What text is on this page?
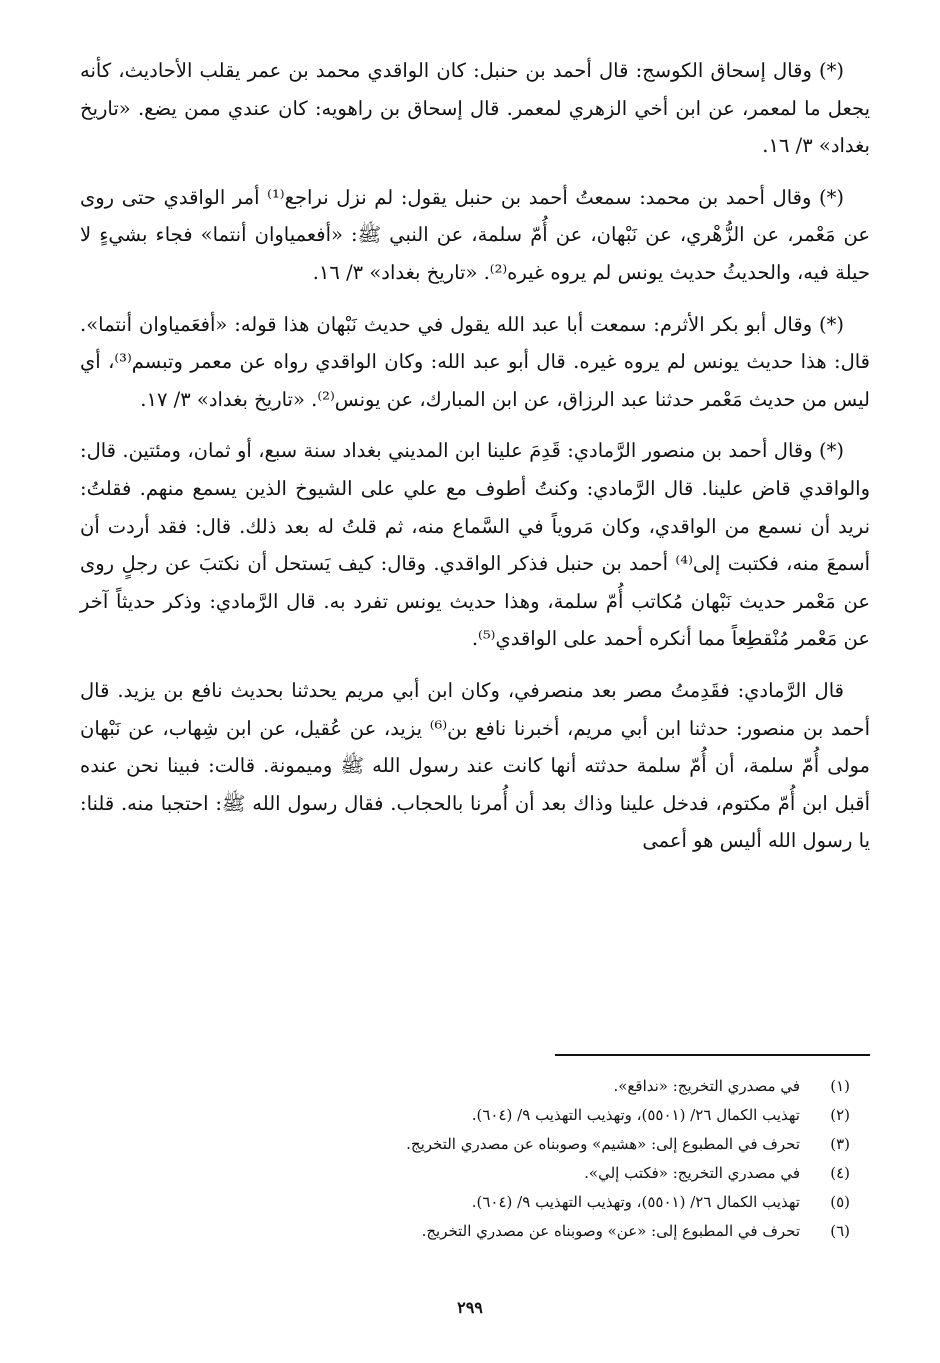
(*) وقال إسحاق الكوسج: قال أحمد بن حنبل: كان الواقدي محمد بن عمر يقلب الأحاديث، كأنه يجعل ما لمعمر، عن ابن أخي الزهري لمعمر. قال إسحاق بن راهويه: كان عندي ممن يضع. «تاريخ بغداد» ٣/ ١٦.

(*) وقال أحمد بن محمد: سمعتُ أحمد بن حنبل يقول: لم نزل نراجع⁽¹⁾ أمر الواقدي حتى روى عن مَعْمر، عن الزُّهْري، عن نَبْهان، عن أُمّ سلمة، عن النبي ﷺ: «أفعمياوان أنتما» فجاء بشيءٍ لا حيلة فيه، والحديثُ حديث يونس لم يروه غيره⁽²⁾. «تاريخ بغداد» ٣/ ١٦.

(*) وقال أبو بكر الأثرم: سمعت أبا عبد الله يقول في حديث نَبْهان هذا قوله: «أفعَمياوان أنتما». قال: هذا حديث يونس لم يروه غيره. قال أبو عبد الله: وكان الواقدي رواه عن معمر وتبسم⁽³⁾، أي ليس من حديث مَعْمر حدثنا عبد الرزاق، عن ابن المبارك، عن يونس⁽²⁾. «تاريخ بغداد» ٣/ ١٧.

(*) وقال أحمد بن منصور الرَّمادي: قَدِمَ علينا ابن المديني بغداد سنة سبع، أو ثمان، ومئتين. قال: والواقدي قاض علينا. قال الرَّمادي: وكنتُ أطوف مع علي على الشيوخ الذين يسمع منهم. فقلتُ: نريد أن نسمع من الواقدي، وكان مَروياً في السَّماع منه، ثم قلتُ له بعد ذلك. قال: فقد أردت أن أسمعَ منه، فكتبت إلى⁽⁴⁾ أحمد بن حنبل فذكر الواقدي. وقال: كيف يَستحل أن نكتبَ عن رجلٍ روى عن مَعْمر حديث نَبْهان مُكاتب أُمّ سلمة، وهذا حديث يونس تفرد به. قال الرَّمادي: وذكر حديثاً آخر عن مَعْمر مُنْقطِعاً مما أنكره أحمد على الواقدي⁽⁵⁾.

قال الرَّمادي: فقَدِمتُ مصر بعد منصرفي، وكان ابن أبي مريم يحدثنا بحديث نافع بن يزيد. قال أحمد بن منصور: حدثنا ابن أبي مريم، أخبرنا نافع بن⁽⁶⁾ يزيد، عن عُقيل، عن ابن شِهاب، عن نَبْهان مولى أُمّ سلمة، أن أُمّ سلمة حدثته أنها كانت عند رسول الله ﷺ وميمونة. قالت: فبينا نحن عنده أقبل ابن أُمّ مكتوم، فدخل علينا وذاك بعد أن أُمرنا بالحجاب. فقال رسول الله ﷺ: احتجبا منه. قلنا: يا رسول الله أليس هو أعمى

(١)
في مصدري التخريج: «نداقع».
(٢)
تهذيب الكمال ٢٦/ (٥٥٠١)، وتهذيب التهذيب ٩/ (٦٠٤).
(٣)
تحرف في المطبوع إلى: «هشيم» وصوبناه عن مصدري التخريج.
(٤)
في مصدري التخريج: «فكتب إلي».
(٥)
تهذيب الكمال ٢٦/ (٥٥٠١)، وتهذيب التهذيب ٩/ (٦٠٤).
(٦)
تحرف في المطبوع إلى: «عن» وصوبناه عن مصدري التخريج.
٢٩٩
